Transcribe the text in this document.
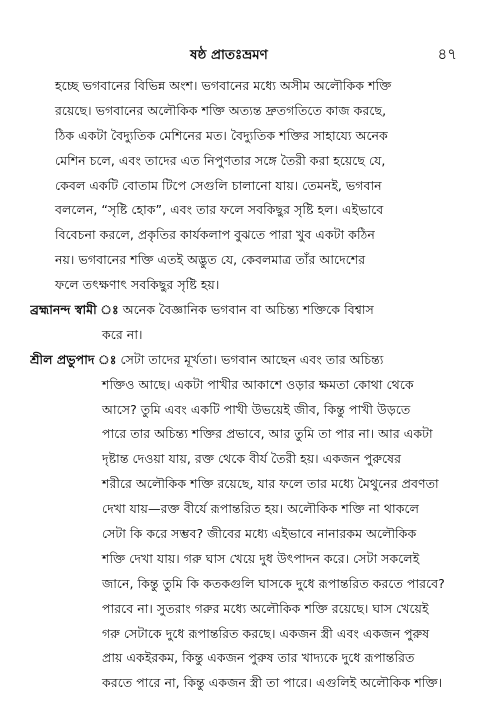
ষষ্ঠ প্রাতঃভ্রমণ	৪৭
হচ্ছে ভগবানের বিভিন্ন অংশ। ভগবানের মধ্যে অসীম অলৌকিক শক্তি
রয়েছে। ভগবানের অলৌকিক শক্তি অত্যন্ত দ্রুতগতিতে কাজ করছে,
ঠিক একটা বৈদ্যুতিক মেশিনের মত। বৈদ্যুতিক শক্তির সাহায্যে অনেক
মেশিন চলে, এবং তাদের এত নিপুণতার সঙ্গে তৈরী করা হয়েছে যে,
কেবল একটি বোতাম টিপে সেগুলি চালানো যায়। তেমনই, ভগবান
বললেন, “সৃষ্টি হোক”, এবং তার ফলে সবকিছুর সৃষ্টি হল। এইভাবে
বিবেচনা করলে, প্রকৃতির কার্যকলাপ বুঝতে পারা খুব একটা কঠিন
নয়। ভগবানের শক্তি এতই অদ্ভুত যে, কেবলমাত্র তাঁর আদেশের
ফলে তৎক্ষণাৎ সবকিছুর সৃষ্টি হয়।
ব্রহ্মানন্দ স্বামী ঃ অনেক বৈজ্ঞানিক ভগবান বা অচিন্ত্য শক্তিকে বিশ্বাস
করে না।
শ্রীল প্রভুপাদ ঃ সেটা তাদের মূর্খতা। ভগবান আছেন এবং তার অচিন্ত্য
শক্তিও আছে। একটা পাখীর আকাশে ওড়ার ক্ষমতা কোথা থেকে
আসে? তুমি এবং একটি পাখী উভয়েই জীব, কিন্তু পাখী উড়তে
পারে তার অচিন্ত্য শক্তির প্রভাবে, আর তুমি তা পার না। আর একটা
দৃষ্টান্ত দেওয়া যায়, রক্ত থেকে বীর্য তৈরী হয়। একজন পুরুষের
শরীরে অলৌকিক শক্তি রয়েছে, যার ফলে তার মধ্যে মৈথুনের প্রবণতা
দেখা যায়—রক্ত বীর্যে রূপান্তরিত হয়। অলৌকিক শক্তি না থাকলে
সেটা কি করে সম্ভব? জীবের মধ্যে এইভাবে নানারকম অলৌকিক
শক্তি দেখা যায়। গরু ঘাস খেয়ে দুধ উৎপাদন করে। সেটা সকলেই
জানে, কিন্তু তুমি কি কতকগুলি ঘাসকে দুধে রূপান্তরিত করতে পারবে?
পারবে না। সুতরাং গরুর মধ্যে অলৌকিক শক্তি রয়েছে। ঘাস খেয়েই
গরু সেটাকে দুধে রূপান্তরিত করছে। একজন স্ত্রী এবং একজন পুরুষ
প্রায় একইরকম, কিন্তু একজন পুরুষ তার খাদ্যকে দুধে রূপান্তরিত
করতে পারে না, কিন্তু একজন স্ত্রী তা পারে। এগুলিই অলৌকিক শক্তি।
